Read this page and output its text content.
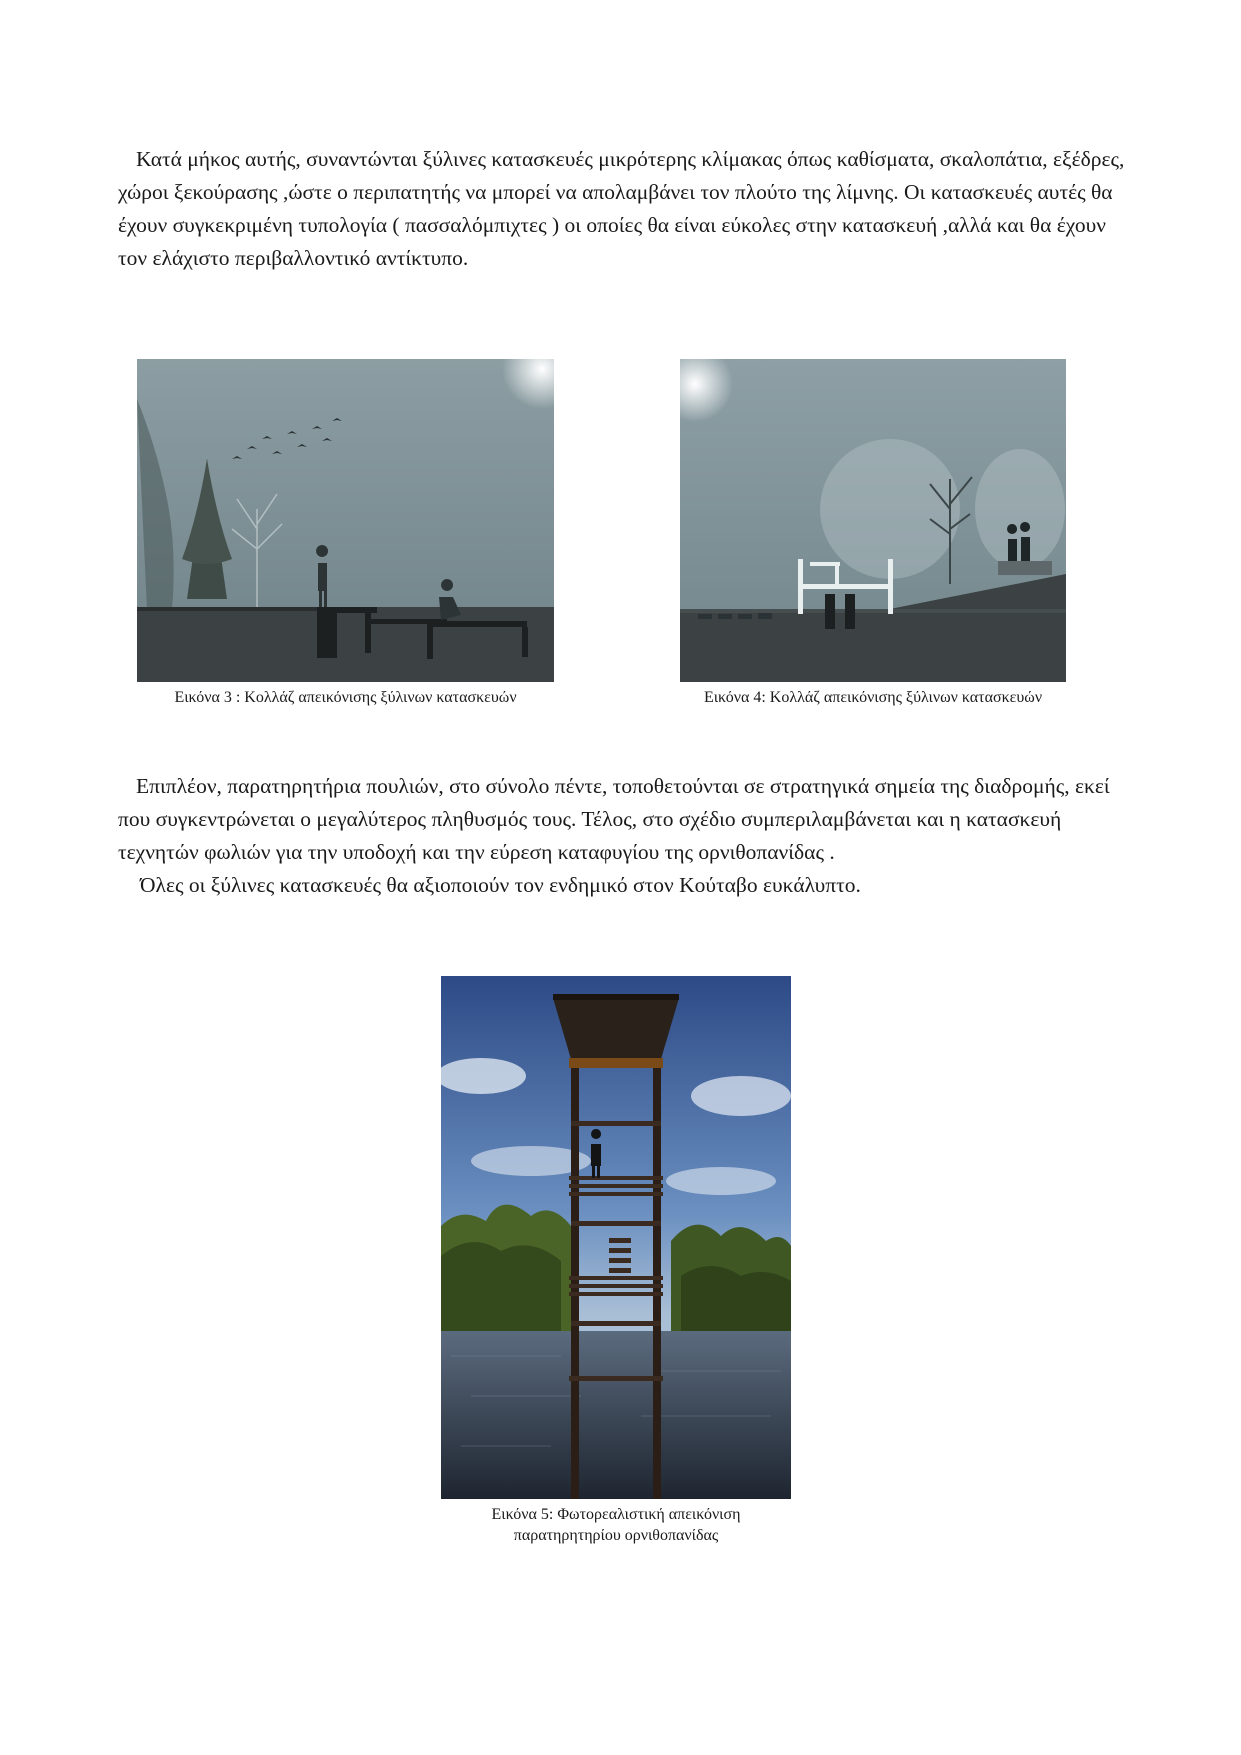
Κατά μήκος αυτής, συναντώνται ξύλινες κατασκευές μικρότερης κλίμακας όπως καθίσματα, σκαλοπάτια, εξέδρες, χώροι ξεκούρασης ,ώστε ο περιπατητής να μπορεί να απολαμβάνει τον πλούτο της λίμνης. Οι κατασκευές αυτές θα έχουν συγκεκριμένη τυπολογία ( πασσαλόμπιχτες ) οι οποίες θα είναι εύκολες στην κατασκευή ,αλλά και θα έχουν τον ελάχιστο περιβαλλοντικό αντίκτυπο.

Εικόνα 3 : Κολλάζ απεικόνισης ξύλινων κατασκευών	Εικόνα 4: Κολλάζ απεικόνισης ξύλινων κατασκευών

Επιπλέον, παρατηρητήρια πουλιών, στο σύνολο πέντε, τοποθετούνται σε στρατηγικά σημεία της διαδρομής, εκεί που συγκεντρώνεται ο μεγαλύτερος πληθυσμός τους. Τέλος, στο σχέδιο συμπεριλαμβάνεται και η κατασκευή τεχνητών φωλιών για την υποδοχή και την εύρεση καταφυγίου της ορνιθοπανίδας .

Όλες οι ξύλινες κατασκευές θα αξιοποιούν τον ενδημικό στον Κούταβο ευκάλυπτο.

Εικόνα 5: Φωτορεαλιστική απεικόνιση παρατηρητηρίου ορνιθοπανίδας
